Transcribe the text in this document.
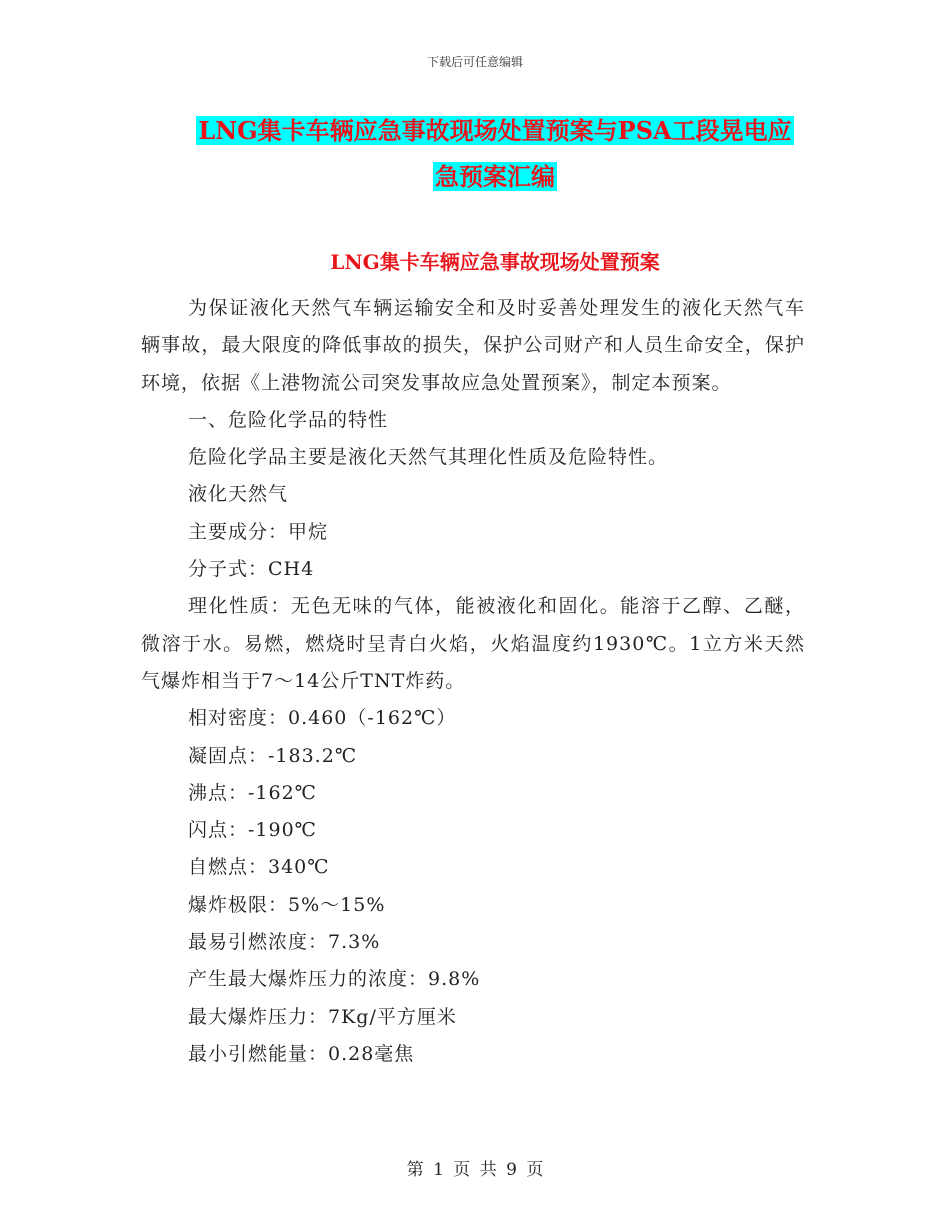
下载后可任意编辑
LNG集卡车辆应急事故现场处置预案与PSA工段晃电应
急预案汇编
LNG集卡车辆应急事故现场处置预案

为保证液化天然气车辆运输安全和及时妥善处理发生的液化天然气车辆事故，最大限度的降低事故的损失，保护公司财产和人员生命安全，保护环境，依据《上港物流公司突发事故应急处置预案》，制定本预案。

一、危险化学品的特性

危险化学品主要是液化天然气其理化性质及危险特性。

液化天然气

主要成分：甲烷

分子式：CH4

理化性质：无色无味的气体，能被液化和固化。能溶于乙醇、乙醚，微溶于水。易燃，燃烧时呈青白火焰，火焰温度约1930℃。1立方米天然气爆炸相当于7～14公斤TNT炸药。

相对密度：0.460（-162℃）

凝固点：-183.2℃

沸点：-162℃

闪点：-190℃

自燃点：340℃

爆炸极限：5%～15%

最易引燃浓度：7.3%

产生最大爆炸压力的浓度：9.8%

最大爆炸压力：7Kg/平方厘米

最小引燃能量：0.28毫焦

第 1 页 共 9 页
